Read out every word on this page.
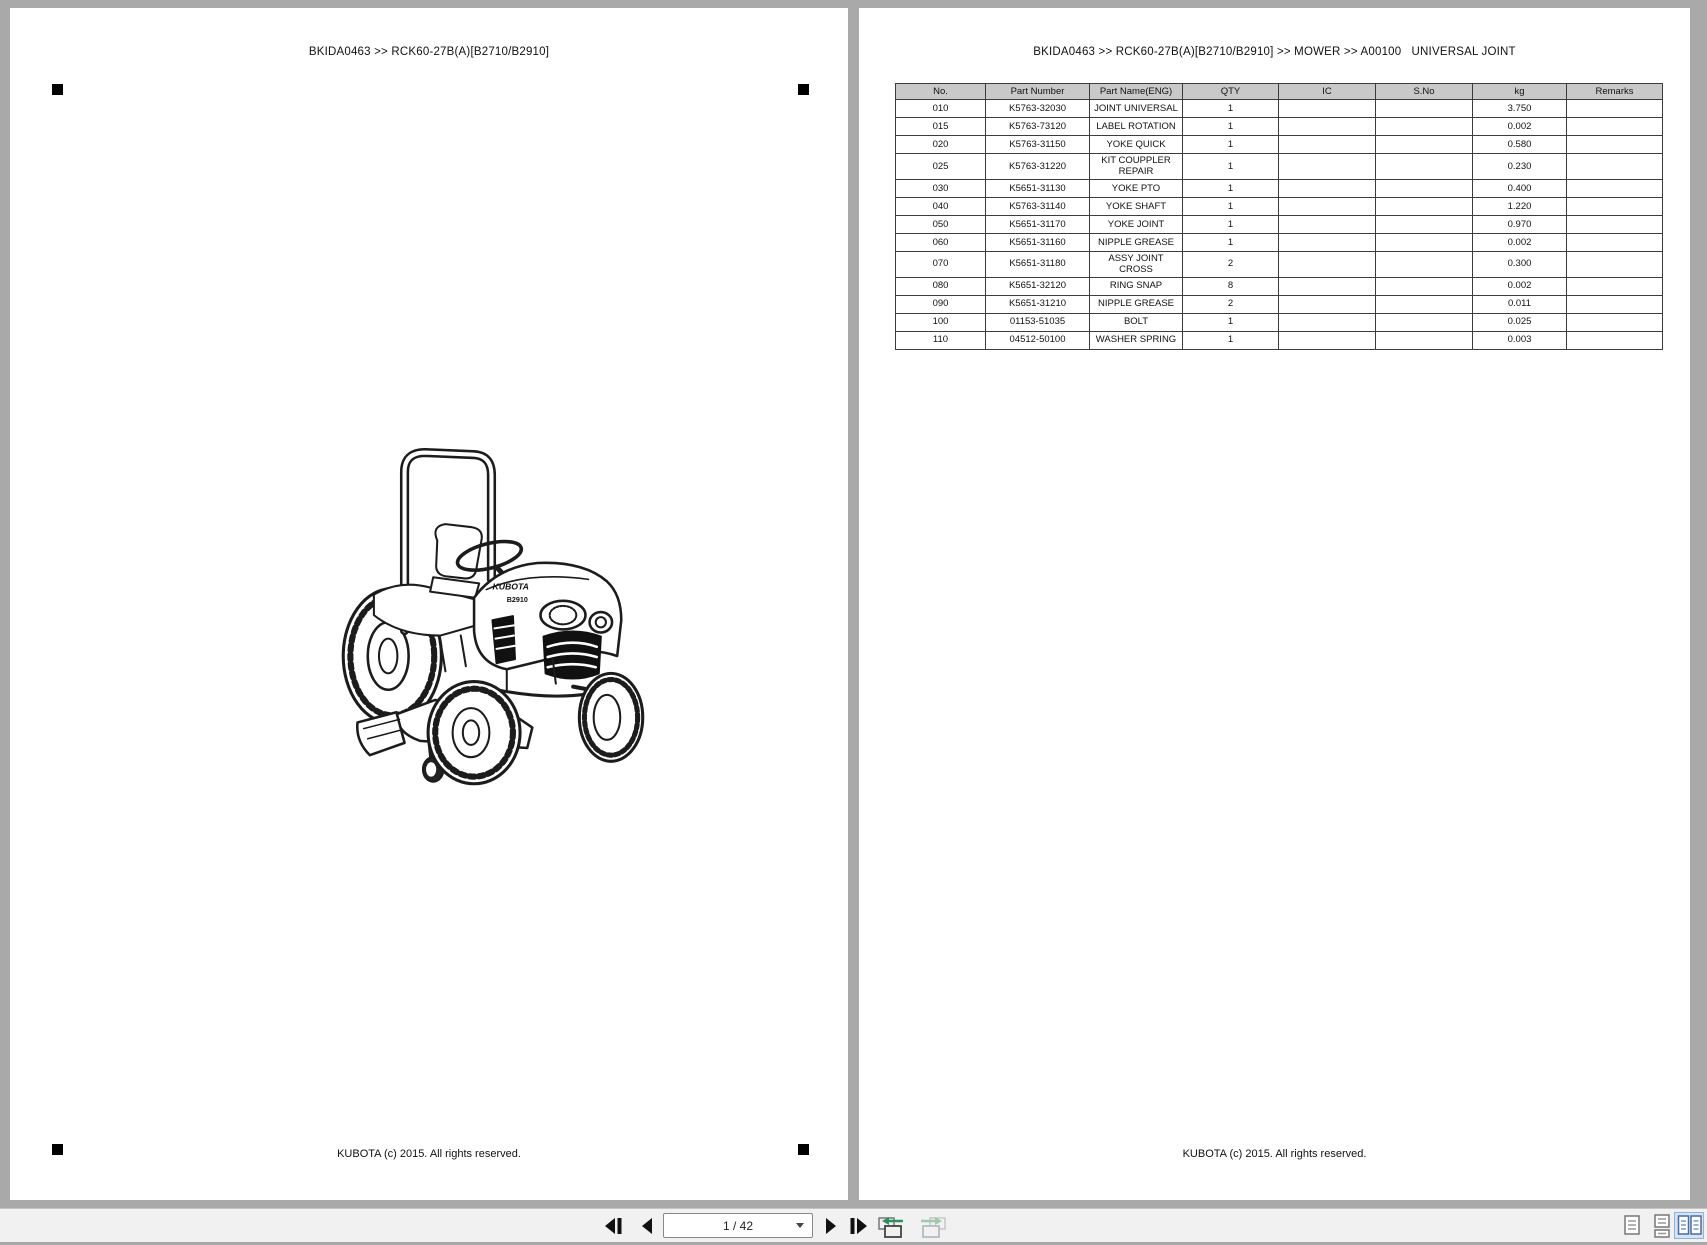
BKIDA0463 >> RCK60-27B(A)[B2710/B2910]
KUBOTA
B2910
KUBOTA (c) 2015. All rights reserved.
BKIDA0463 >> RCK60-27B(A)[B2710/B2910] >> MOWER >> A00100   UNIVERSAL JOINT
No.	Part Number	Part Name(ENG)	QTY	IC	S.No	kg	Remarks
010	K5763-32030	JOINT UNIVERSAL	1			3.750	
015	K5763-73120	LABEL ROTATION	1			0.002	
020	K5763-31150	YOKE QUICK	1			0.580	
025	K5763-31220	KIT COUPPLER REPAIR	1			0.230	
030	K5651-31130	YOKE PTO	1			0.400	
040	K5763-31140	YOKE SHAFT	1			1.220	
050	K5651-31170	YOKE JOINT	1			0.970	
060	K5651-31160	NIPPLE GREASE	1			0.002	
070	K5651-31180	ASSY JOINT CROSS	2			0.300	
080	K5651-32120	RING SNAP	8			0.002	
090	K5651-31210	NIPPLE GREASE	2			0.011	
100	01153-51035	BOLT	1			0.025	
110	04512-50100	WASHER SPRING	1			0.003	
KUBOTA (c) 2015. All rights reserved.
1 / 42
